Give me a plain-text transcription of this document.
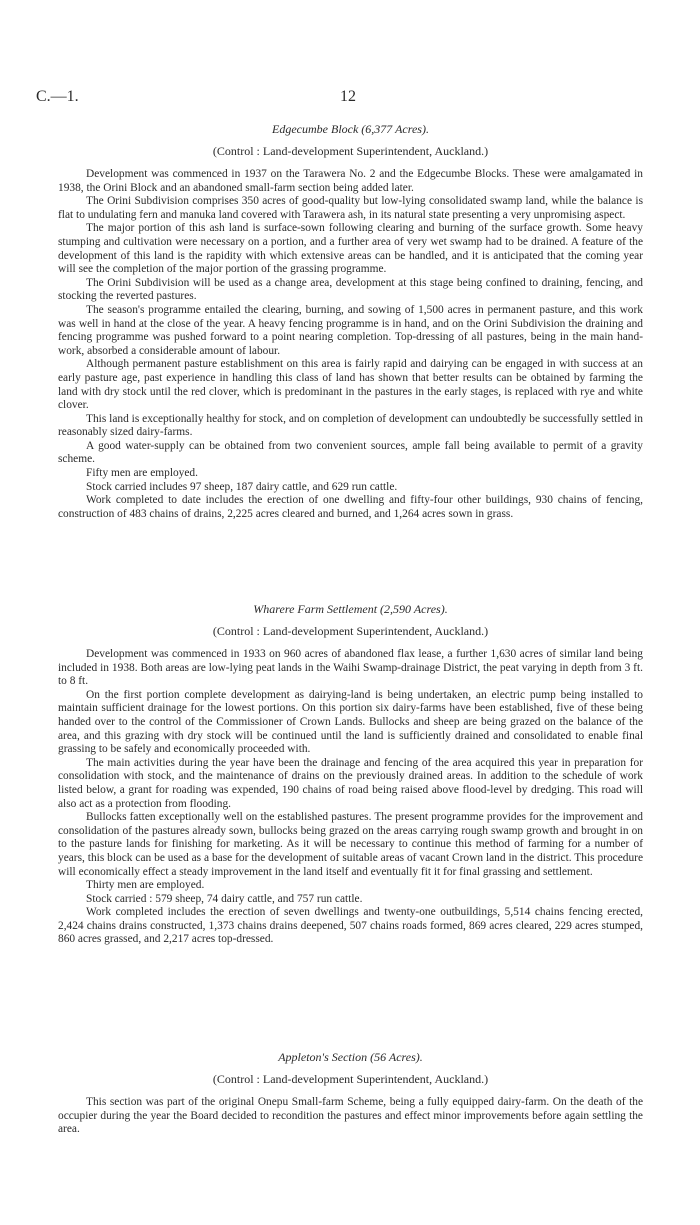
C.—1.	12

Edgecumbe Block (6,377 Acres).

(Control : Land-development Superintendent, Auckland.)

Development was commenced in 1937 on the Tarawera No. 2 and the Edgecumbe Blocks. These were amalgamated in 1938, the Orini Block and an abandoned small-farm section being added later.

The Orini Subdivision comprises 350 acres of good-quality but low-lying consolidated swamp land, while the balance is flat to undulating fern and manuka land covered with Tarawera ash, in its natural state presenting a very unpromising aspect.

The major portion of this ash land is surface-sown following clearing and burning of the surface growth. Some heavy stumping and cultivation were necessary on a portion, and a further area of very wet swamp had to be drained. A feature of the development of this land is the rapidity with which extensive areas can be handled, and it is anticipated that the coming year will see the completion of the major portion of the grassing programme.

The Orini Subdivision will be used as a change area, development at this stage being confined to draining, fencing, and stocking the reverted pastures.

The season's programme entailed the clearing, burning, and sowing of 1,500 acres in permanent pasture, and this work was well in hand at the close of the year. A heavy fencing programme is in hand, and on the Orini Subdivision the draining and fencing programme was pushed forward to a point nearing completion. Top-dressing of all pastures, being in the main hand-work, absorbed a considerable amount of labour.

Although permanent pasture establishment on this area is fairly rapid and dairying can be engaged in with success at an early pasture age, past experience in handling this class of land has shown that better results can be obtained by farming the land with dry stock until the red clover, which is predominant in the pastures in the early stages, is replaced with rye and white clover.

This land is exceptionally healthy for stock, and on completion of development can undoubtedly be successfully settled in reasonably sized dairy-farms.

A good water-supply can be obtained from two convenient sources, ample fall being available to permit of a gravity scheme.

Fifty men are employed.

Stock carried includes 97 sheep, 187 dairy cattle, and 629 run cattle.

Work completed to date includes the erection of one dwelling and fifty-four other buildings, 930 chains of fencing, construction of 483 chains of drains, 2,225 acres cleared and burned, and 1,264 acres sown in grass.

Wharere Farm Settlement (2,590 Acres).

(Control : Land-development Superintendent, Auckland.)

Development was commenced in 1933 on 960 acres of abandoned flax lease, a further 1,630 acres of similar land being included in 1938. Both areas are low-lying peat lands in the Waihi Swamp-drainage District, the peat varying in depth from 3 ft. to 8 ft.

On the first portion complete development as dairying-land is being undertaken, an electric pump being installed to maintain sufficient drainage for the lowest portions. On this portion six dairy-farms have been established, five of these being handed over to the control of the Commissioner of Crown Lands. Bullocks and sheep are being grazed on the balance of the area, and this grazing with dry stock will be continued until the land is sufficiently drained and consolidated to enable final grassing to be safely and economically proceeded with.

The main activities during the year have been the drainage and fencing of the area acquired this year in preparation for consolidation with stock, and the maintenance of drains on the previously drained areas. In addition to the schedule of work listed below, a grant for roading was expended, 190 chains of road being raised above flood-level by dredging. This road will also act as a protection from flooding.

Bullocks fatten exceptionally well on the established pastures. The present programme provides for the improvement and consolidation of the pastures already sown, bullocks being grazed on the areas carrying rough swamp growth and brought in on to the pasture lands for finishing for marketing. As it will be necessary to continue this method of farming for a number of years, this block can be used as a base for the development of suitable areas of vacant Crown land in the district. This procedure will economically effect a steady improvement in the land itself and eventually fit it for final grassing and settlement.

Thirty men are employed.

Stock carried : 579 sheep, 74 dairy cattle, and 757 run cattle.

Work completed includes the erection of seven dwellings and twenty-one outbuildings, 5,514 chains fencing erected, 2,424 chains drains constructed, 1,373 chains drains deepened, 507 chains roads formed, 869 acres cleared, 229 acres stumped, 860 acres grassed, and 2,217 acres top-dressed.

Appleton's Section (56 Acres).

(Control : Land-development Superintendent, Auckland.)

This section was part of the original Onepu Small-farm Scheme, being a fully equipped dairy-farm. On the death of the occupier during the year the Board decided to recondition the pastures and effect minor improvements before again settling the area.
